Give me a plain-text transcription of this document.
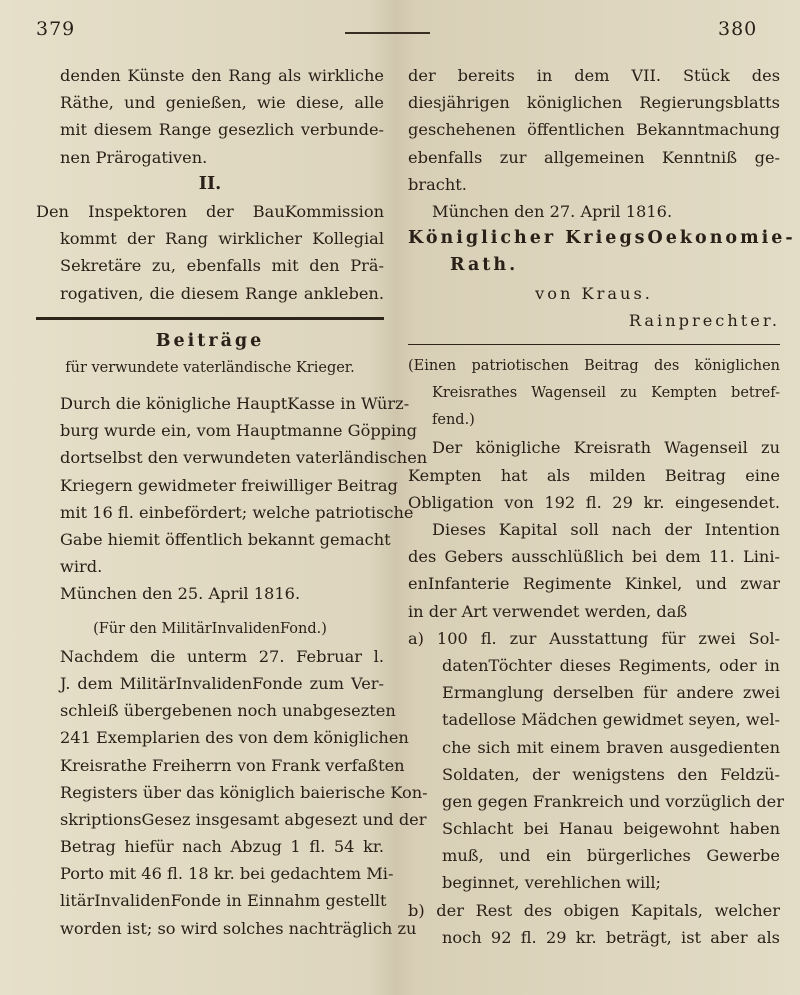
379	380
denden Künste den Rang als wirkliche
Räthe, und genießen, wie diese, alle
mit diesem Range gesezlich verbunde-
nen Prärogativen.
II.
Den Inspektoren der BauKommission
kommt der Rang wirklicher Kollegial
Sekretäre zu, ebenfalls mit den Prä-
rogativen, die diesem Range ankleben.
Beiträge
für verwundete vaterländische Krieger.
Durch die königliche HauptKasse in Würz-
burg wurde ein, vom Hauptmanne Göpping
dortselbst den verwundeten vaterländischen
Kriegern gewidmeter freiwilliger Beitrag
mit 16 fl. einbefördert; welche patriotische
Gabe hiemit öffentlich bekannt gemacht
wird.
München den 25. April 1816.
(Für den MilitärInvalidenFond.)
Nachdem die unterm 27. Februar l.
J. dem MilitärInvalidenFonde zum Ver-
schleiß übergebenen noch unabgesezten
241 Exemplarien des von dem königlichen
Kreisrathe Freiherrn von Frank verfaßten
Registers über das königlich baierische Kon-
skriptionsGesez insgesamt abgesezt und der
Betrag hiefür nach Abzug 1 fl. 54 kr.
Porto mit 46 fl. 18 kr. bei gedachtem Mi-
litärInvalidenFonde in Einnahm gestellt
worden ist; so wird solches nachträglich zu
der bereits in dem VII. Stück des
diesjährigen königlichen Regierungsblatts
geschehenen öffentlichen Bekanntmachung
ebenfalls zur allgemeinen Kenntniß ge-
bracht.
München den 27. April 1816.
Königlicher KriegsOekonomie-
Rath.
von Kraus.
Rainprechter.
(Einen patriotischen Beitrag des königlichen
Kreisrathes Wagenseil zu Kempten betref-
fend.)
Der königliche Kreisrath Wagenseil zu
Kempten hat als milden Beitrag eine
Obligation von 192 fl. 29 kr. eingesendet.
Dieses Kapital soll nach der Intention
des Gebers ausschlüßlich bei dem 11. Lini-
enInfanterie Regimente Kinkel, und zwar
in der Art verwendet werden, daß
a) 100 fl. zur Ausstattung für zwei Sol-
datenTöchter dieses Regiments, oder in
Ermanglung derselben für andere zwei
tadellose Mädchen gewidmet seyen, wel-
che sich mit einem braven ausgedienten
Soldaten, der wenigstens den Feldzü-
gen gegen Frankreich und vorzüglich der
Schlacht bei Hanau beigewohnt haben
muß, und ein bürgerliches Gewerbe
beginnet, verehlichen will;
b) der Rest des obigen Kapitals, welcher
noch 92 fl. 29 kr. beträgt, ist aber als
